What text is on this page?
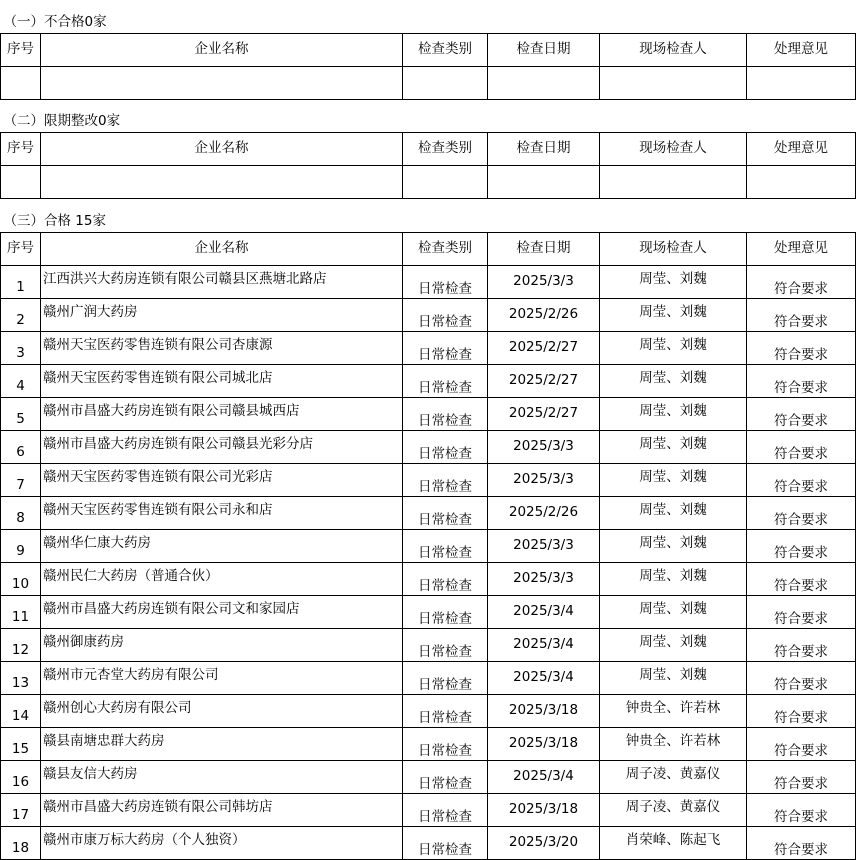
（一）不合格0家					
序号	企业名称	检查类别	检查日期	现场检查人	处理意见

（二）限期整改0家					
序号	企业名称	检查类别	检查日期	现场检查人	处理意见

（三）合格 15家					
序号	企业名称	检查类别	检查日期	现场检查人	处理意见
1	江西洪兴大药房连锁有限公司赣县区燕塘北路店	日常检查	2025/3/3	周莹、刘魏	符合要求
2	赣州广润大药房	日常检查	2025/2/26	周莹、刘魏	符合要求
3	赣州天宝医药零售连锁有限公司杏康源	日常检查	2025/2/27	周莹、刘魏	符合要求
4	赣州天宝医药零售连锁有限公司城北店	日常检查	2025/2/27	周莹、刘魏	符合要求
5	赣州市昌盛大药房连锁有限公司赣县城西店	日常检查	2025/2/27	周莹、刘魏	符合要求
6	赣州市昌盛大药房连锁有限公司赣县光彩分店	日常检查	2025/3/3	周莹、刘魏	符合要求
7	赣州天宝医药零售连锁有限公司光彩店	日常检查	2025/3/3	周莹、刘魏	符合要求
8	赣州天宝医药零售连锁有限公司永和店	日常检查	2025/2/26	周莹、刘魏	符合要求
9	赣州华仁康大药房	日常检查	2025/3/3	周莹、刘魏	符合要求
10	赣州民仁大药房（普通合伙）	日常检查	2025/3/3	周莹、刘魏	符合要求
11	赣州市昌盛大药房连锁有限公司文和家园店	日常检查	2025/3/4	周莹、刘魏	符合要求
12	赣州御康药房	日常检查	2025/3/4	周莹、刘魏	符合要求
13	赣州市元杏堂大药房有限公司	日常检查	2025/3/4	周莹、刘魏	符合要求
14	赣州创心大药房有限公司	日常检查	2025/3/18	钟贵全、许若林	符合要求
15	赣县南塘忠群大药房	日常检查	2025/3/18	钟贵全、许若林	符合要求
16	赣县友信大药房	日常检查	2025/3/4	周子凌、黄嘉仪	符合要求
17	赣州市昌盛大药房连锁有限公司韩坊店	日常检查	2025/3/18	周子凌、黄嘉仪	符合要求
18	赣州市康万标大药房（个人独资）	日常检查	2025/3/20	肖荣峰、陈起飞	符合要求
